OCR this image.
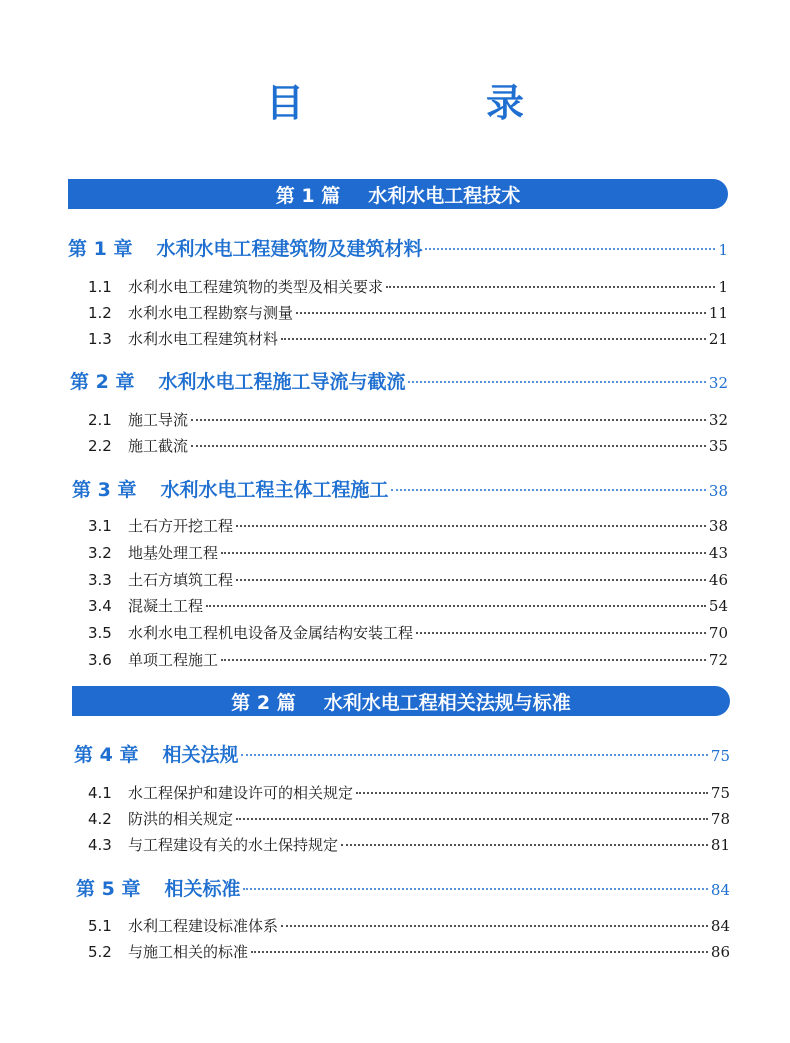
目　录
第 1 篇 水利水电工程技术
第 1 章 水利水电工程建筑物及建筑材料	1
1.1	水利水电工程建筑物的类型及相关要求	1
1.2	水利水电工程勘察与测量	11
1.3	水利水电工程建筑材料	21
第 2 章 水利水电工程施工导流与截流	32
2.1	施工导流	32
2.2	施工截流	35
第 3 章 水利水电工程主体工程施工	38
3.1	土石方开挖工程	38
3.2	地基处理工程	43
3.3	土石方填筑工程	46
3.4	混凝土工程	54
3.5	水利水电工程机电设备及金属结构安装工程	70
3.6	单项工程施工	72
第 2 篇 水利水电工程相关法规与标准
第 4 章 相关法规	75
4.1	水工程保护和建设许可的相关规定	75
4.2	防洪的相关规定	78
4.3	与工程建设有关的水土保持规定	81
第 5 章 相关标准	84
5.1	水利工程建设标准体系	84
5.2	与施工相关的标准	86
